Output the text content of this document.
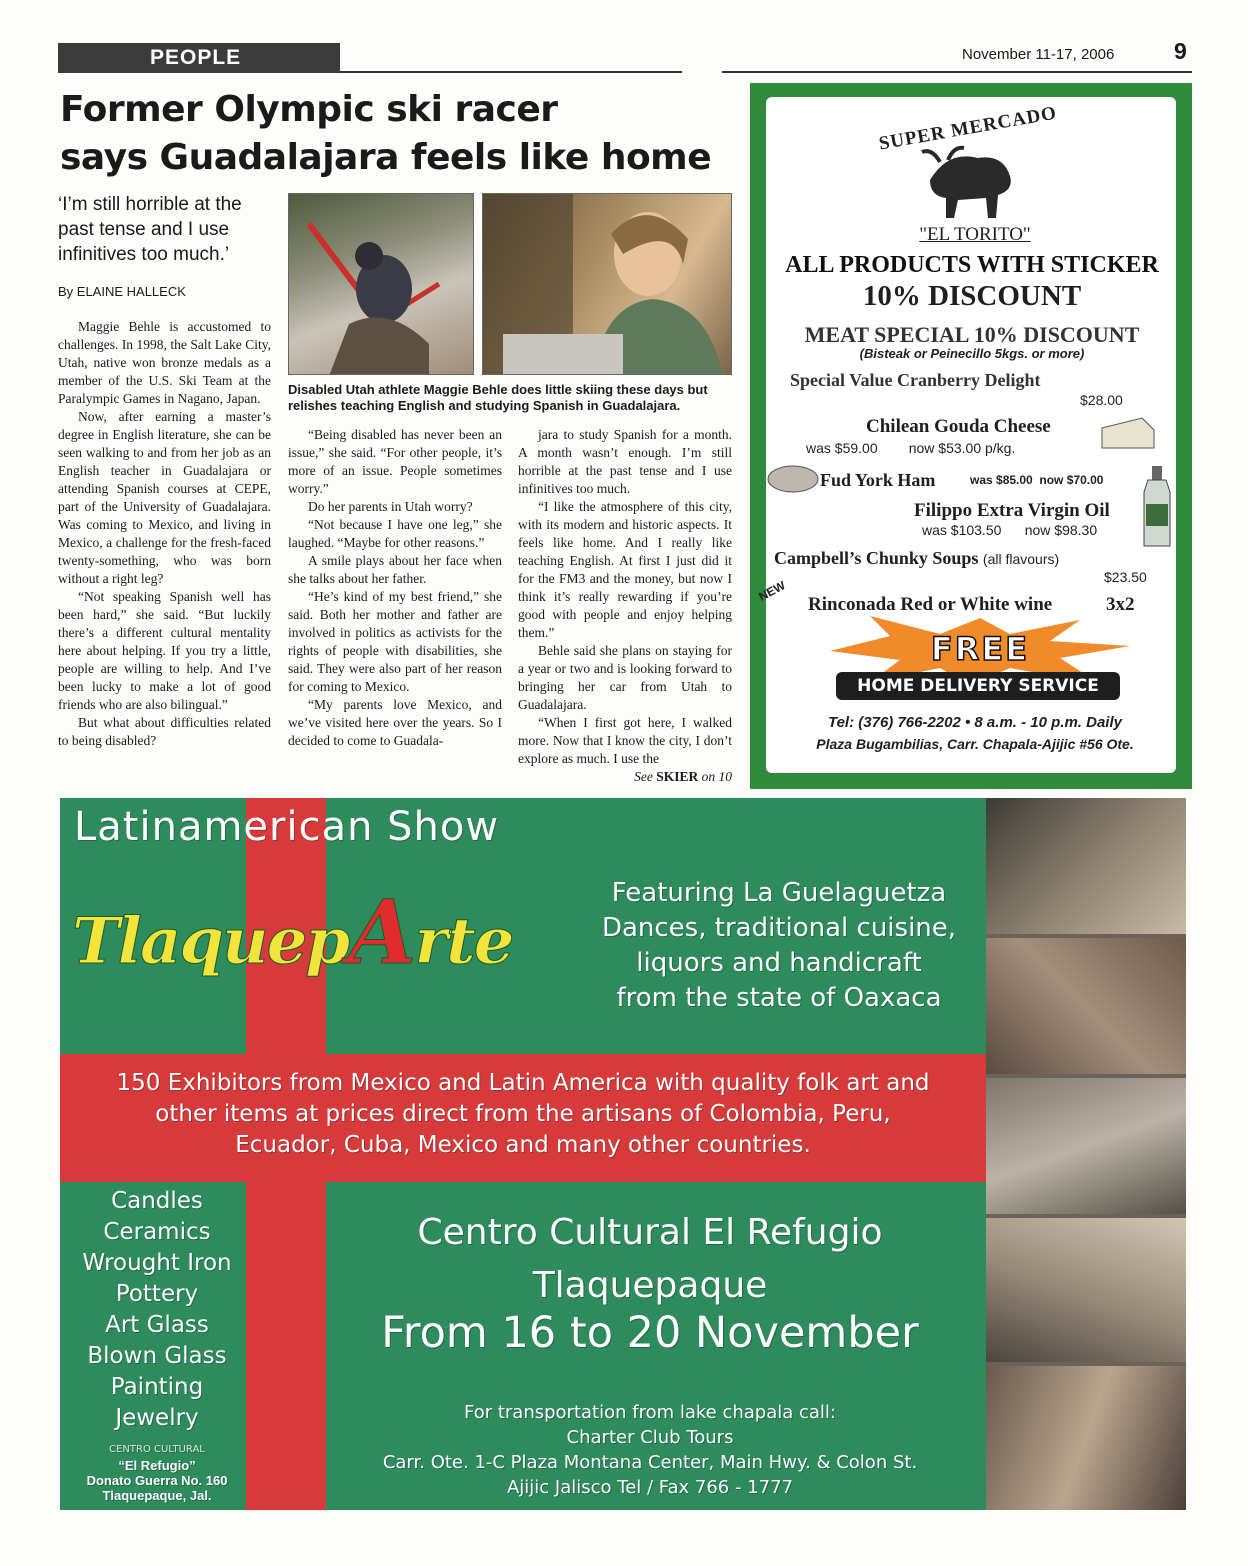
PEOPLE	November 11-17, 2006	9
Former Olympic ski racer
says Guadalajara feels like home
‘I’m still horrible at the past tense and I use infinitives too much.’
By ELAINE HALLECK
Disabled Utah athlete Maggie Behle does little skiing these days but relishes teaching English and studying Spanish in Guadalajara.

Maggie Behle is accustomed to challenges. In 1998, the Salt Lake City, Utah, native won bronze medals as a member of the U.S. Ski Team at the Paralympic Games in Nagano, Japan.

Now, after earning a master’s degree in English literature, she can be seen walking to and from her job as an English teacher in Guadalajara or attending Spanish courses at CEPE, part of the University of Guadalajara. Was coming to Mexico, and living in Mexico, a challenge for the fresh-faced twenty-something, who was born without a right leg?

“Not speaking Spanish well has been hard,” she said. “But luckily there’s a different cultural mentality here about helping. If you try a little, people are willing to help. And I’ve been lucky to make a lot of good friends who are also bilingual.”

But what about difficulties related to being disabled?

“Being disabled has never been an issue,” she said. “For other people, it’s more of an issue. People sometimes worry.”

Do her parents in Utah worry?

“Not because I have one leg,” she laughed. “Maybe for other reasons.”

A smile plays about her face when she talks about her father.

“He’s kind of my best friend,” she said. Both her mother and father are involved in politics as activists for the rights of people with disabilities, she said. They were also part of her reason for coming to Mexico.

“My parents love Mexico, and we’ve visited here over the years. So I decided to come to Guadala-

jara to study Spanish for a month. A month wasn’t enough. I’m still horrible at the past tense and I use infinitives too much.

“I like the atmosphere of this city, with its modern and historic aspects. It feels like home. And I really like teaching English. At first I just did it for the FM3 and the money, but now I think it’s really rewarding if you’re good with people and enjoy helping them.”

Behle said she plans on staying for a year or two and is looking forward to bringing her car from Utah to Guadalajara.

“When I first got here, I walked more. Now that I know the city, I don’t explore as much. I use the

See SKIER on 10

SUPER MERCADO
"EL TORITO"
ALL PRODUCTS WITH STICKER
10% DISCOUNT
MEAT SPECIAL 10% DISCOUNT
(Bisteak or Peinecillo 5kgs. or more)
Special Value Cranberry Delight
$28.00
Chilean Gouda Cheese
was $59.00        now $53.00 p/kg.
Fud York Ham	was $85.00  now $70.00
Filippo Extra Virgin Oil
was $103.50      now $98.30
Campbell’s Chunky Soups (all flavours)
$23.50
NEW
Rinconada Red or White wine	3x2
FREE
HOME DELIVERY SERVICE
Tel: (376) 766-2202 • 8 a.m. - 10 p.m. Daily
Plaza Bugambilias, Carr. Chapala-Ajijic #56 Ote.
Latinamerican Show
TlaquepArte
Featuring La Guelaguetza
Dances, traditional cuisine,
liquors and handicraft
from the state of Oaxaca
150 Exhibitors from Mexico and Latin America with quality folk art and
other items at prices direct from the artisans of Colombia, Peru,
Ecuador, Cuba, Mexico and many other countries.
Candles
Ceramics
Wrought Iron
Pottery
Art Glass
Blown Glass
Painting
Jewelry
CENTRO CULTURAL
“El Refugio”
Donato Guerra No. 160
Tlaquepaque, Jal.
Centro Cultural El Refugio
Tlaquepaque
From 16 to 20 November
For transportation from lake chapala call:
Charter Club Tours
Carr. Ote. 1-C Plaza Montana Center, Main Hwy. & Colon St.
Ajijic Jalisco Tel / Fax 766 - 1777
